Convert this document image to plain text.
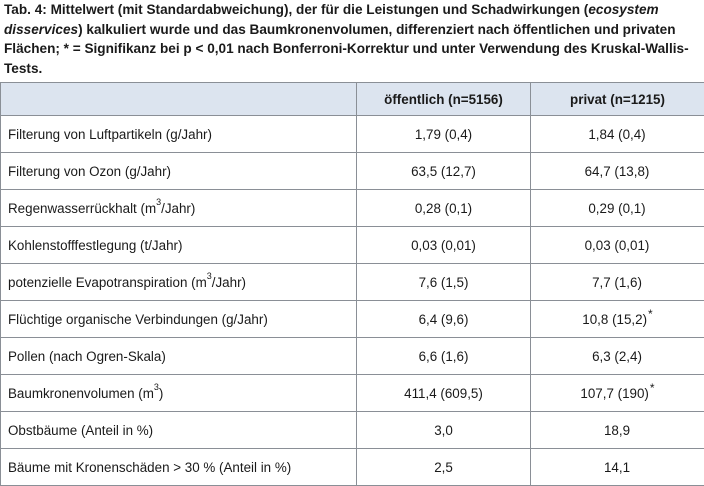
Tab. 4: Mittelwert (mit Standardabweichung), der für die Leistungen und Schadwirkungen (ecosystem disservices) kalkuliert wurde und das Baumkronenvolumen, differenziert nach öffentlichen und privaten Flächen; * = Signifikanz bei p < 0,01 nach Bonferroni-Korrektur und unter Verwendung des Kruskal-Wallis-Tests.
	öffentlich (n=5156)	privat (n=1215)
Filterung von Luftpartikeln (g/Jahr)	1,79 (0,4)	1,84 (0,4)
Filterung von Ozon (g/Jahr)	63,5 (12,7)	64,7 (13,8)
Regenwasserrückhalt $(m^3/Jahr)$	0,28 (0,1)	0,29 (0,1)
Kohlenstofffestlegung (t/Jahr)	0,03 (0,01)	0,03 (0,01)
potenzielle Evapotranspiration $(m^3/Jahr)$	7,6 (1,5)	7,7 (1,6)
Flüchtige organische Verbindungen (g/Jahr)	6,4 (9,6)	10,8 (15,2)*
Pollen (nach Ogren-Skala)	6,6 (1,6)	6,3 (2,4)
Baumkronenvolumen $(m^3)$	411,4 (609,5)	107,7 (190)*
Obstbäume (Anteil in %)	3,0	18,9
Bäume mit Kronenschäden > 30 % (Anteil in %)	2,5	14,1
